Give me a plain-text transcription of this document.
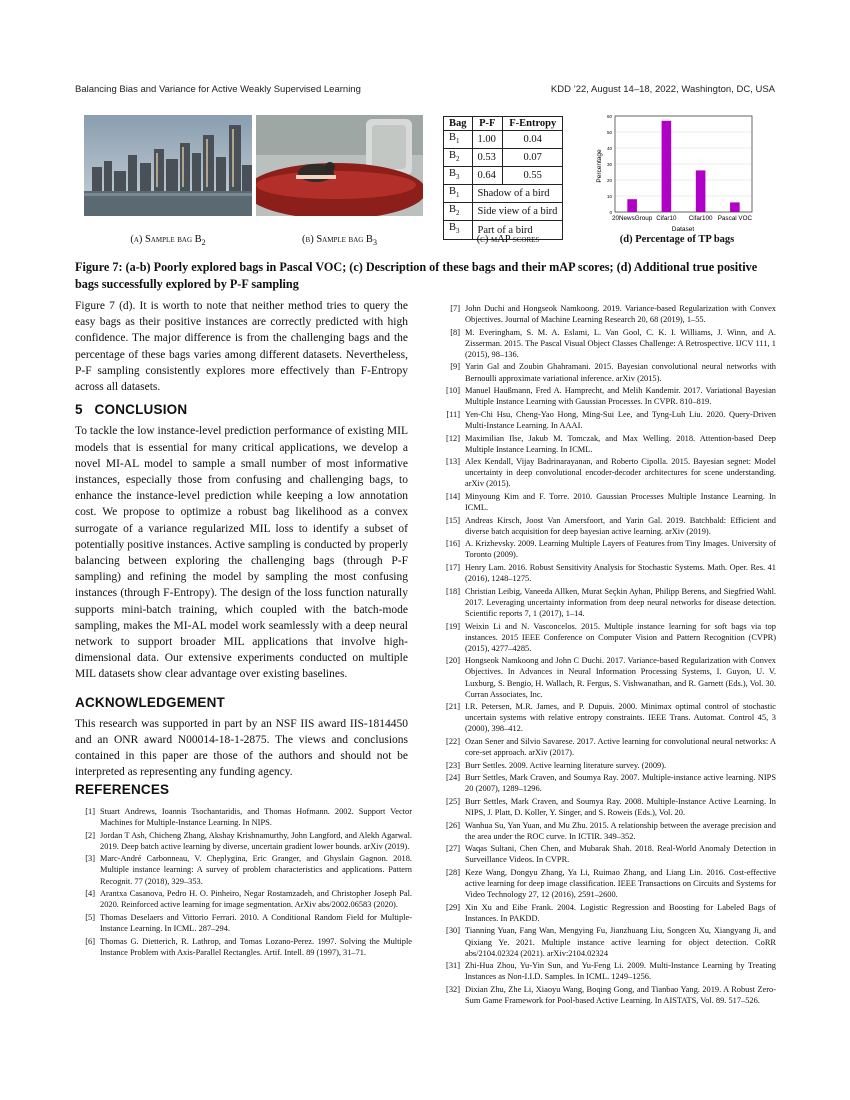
Balancing Bias and Variance for Active Weakly Supervised Learning	KDD ’22, August 14–18, 2022, Washington, DC, USA
(a) Sample bag $B_2$	(b) Sample bag $B_3$
Bag	P-F	F-Entropy
$B_1$	1.00	0.04
$B_2$	0.53	0.07
$B_3$	0.64	0.55
$B_1$	Shadow of a bird	
$B_2$	Side view of a bird	
$B_3$	Part of a bird	
(c) mAP scores
0
10
20
30
40
50
60
20NewsGroup Cifar10 Cifar100 Pascal VOC
Percentage
Dataset
(d) Percentage of TP bags
Figure 7: (a-b) Poorly explored bags in Pascal VOC; (c) Description of these bags and their mAP scores; (d) Additional true positive bags successfully explored by P-F sampling

Figure 7 (d). It is worth to note that neither method tries to query the easy bags as their positive instances are correctly predicted with high confidence. The major difference is from the challenging bags and the percentage of these bags varies among different datasets. Nevertheless, P-F sampling consistently explores more effectively than F-Entropy across all datasets.

5   CONCLUSION

To tackle the low instance-level prediction performance of existing MIL models that is essential for many critical applications, we develop a novel MI-AL model to sample a small number of most informative instances, especially those from confusing and challenging bags, to enhance the instance-level prediction while keeping a low annotation cost. We propose to optimize a robust bag likelihood as a convex surrogate of a variance regularized MIL loss to identify a subset of potentially positive instances. Active sampling is conducted by properly balancing between exploring the challenging bags (through P-F sampling) and refining the model by sampling the most confusing instances (through F-Entropy). The design of the loss function naturally supports mini-batch training, which coupled with the batch-mode sampling, makes the MI-AL model work seamlessly with a deep neural network to support broader MIL applications that involve high-dimensional data. Our extensive experiments conducted on multiple MIL datasets show clear advantage over existing baselines.

ACKNOWLEDGEMENT

This research was supported in part by an NSF IIS award IIS-1814450 and an ONR award N00014-18-1-2875. The views and conclusions contained in this paper are those of the authors and should not be interpreted as representing any funding agency.

REFERENCES
[1] Stuart Andrews, Ioannis Tsochantaridis, and Thomas Hofmann. 2002. Support Vector Machines for Multiple-Instance Learning. In NIPS.
[2] Jordan T Ash, Chicheng Zhang, Akshay Krishnamurthy, John Langford, and Alekh Agarwal. 2019. Deep batch active learning by diverse, uncertain gradient lower bounds. arXiv (2019).
[3] Marc-André Carbonneau, V. Cheplygina, Eric Granger, and Ghyslain Gagnon. 2018. Multiple instance learning: A survey of problem characteristics and applications. Pattern Recognit. 77 (2018), 329–353.
[4] Arantxa Casanova, Pedro H. O. Pinheiro, Negar Rostamzadeh, and Christopher Joseph Pal. 2020. Reinforced active learning for image segmentation. ArXiv abs/2002.06583 (2020).
[5] Thomas Deselaers and Vittorio Ferrari. 2010. A Conditional Random Field for Multiple-Instance Learning. In ICML. 287–294.
[6] Thomas G. Dietterich, R. Lathrop, and Tomas Lozano-Perez. 1997. Solving the Multiple Instance Problem with Axis-Parallel Rectangles. Artif. Intell. 89 (1997), 31–71.
[7] John Duchi and Hongseok Namkoong. 2019. Variance-based Regularization with Convex Objectives. Journal of Machine Learning Research 20, 68 (2019), 1–55.
[8] M. Everingham, S. M. A. Eslami, L. Van Gool, C. K. I. Williams, J. Winn, and A. Zisserman. 2015. The Pascal Visual Object Classes Challenge: A Retrospective. IJCV 111, 1 (2015), 98–136.
[9] Yarin Gal and Zoubin Ghahramani. 2015. Bayesian convolutional neural networks with Bernoulli approximate variational inference. arXiv (2015).
[10] Manuel Haußmann, Fred A. Hamprecht, and Melih Kandemir. 2017. Variational Bayesian Multiple Instance Learning with Gaussian Processes. In CVPR. 810–819.
[11] Yen-Chi Hsu, Cheng-Yao Hong, Ming-Sui Lee, and Tyng-Luh Liu. 2020. Query-Driven Multi-Instance Learning. In AAAI.
[12] Maximilian Ilse, Jakub M. Tomczak, and Max Welling. 2018. Attention-based Deep Multiple Instance Learning. In ICML.
[13] Alex Kendall, Vijay Badrinarayanan, and Roberto Cipolla. 2015. Bayesian segnet: Model uncertainty in deep convolutional encoder-decoder architectures for scene understanding. arXiv (2015).
[14] Minyoung Kim and F. Torre. 2010. Gaussian Processes Multiple Instance Learning. In ICML.
[15] Andreas Kirsch, Joost Van Amersfoort, and Yarin Gal. 2019. Batchbald: Efficient and diverse batch acquisition for deep bayesian active learning. arXiv (2019).
[16] A. Krizhevsky. 2009. Learning Multiple Layers of Features from Tiny Images. University of Toronto (2009).
[17] Henry Lam. 2016. Robust Sensitivity Analysis for Stochastic Systems. Math. Oper. Res. 41 (2016), 1248–1275.
[18] Christian Leibig, Vaneeda Allken, Murat Seçkin Ayhan, Philipp Berens, and Siegfried Wahl. 2017. Leveraging uncertainty information from deep neural networks for disease detection. Scientific reports 7, 1 (2017), 1–14.
[19] Weixin Li and N. Vasconcelos. 2015. Multiple instance learning for soft bags via top instances. 2015 IEEE Conference on Computer Vision and Pattern Recognition (CVPR) (2015), 4277–4285.
[20] Hongseok Namkoong and John C Duchi. 2017. Variance-based Regularization with Convex Objectives. In Advances in Neural Information Processing Systems, I. Guyon, U. V. Luxburg, S. Bengio, H. Wallach, R. Fergus, S. Vishwanathan, and R. Garnett (Eds.), Vol. 30. Curran Associates, Inc.
[21] I.R. Petersen, M.R. James, and P. Dupuis. 2000. Minimax optimal control of stochastic uncertain systems with relative entropy constraints. IEEE Trans. Automat. Control 45, 3 (2000), 398–412.
[22] Ozan Sener and Silvio Savarese. 2017. Active learning for convolutional neural networks: A core-set approach. arXiv (2017).
[23] Burr Settles. 2009. Active learning literature survey. (2009).
[24] Burr Settles, Mark Craven, and Soumya Ray. 2007. Multiple-instance active learning. NIPS 20 (2007), 1289–1296.
[25] Burr Settles, Mark Craven, and Soumya Ray. 2008. Multiple-Instance Active Learning. In NIPS, J. Platt, D. Koller, Y. Singer, and S. Roweis (Eds.), Vol. 20.
[26] Wanhua Su, Yan Yuan, and Mu Zhu. 2015. A relationship between the average precision and the area under the ROC curve. In ICTIR. 349–352.
[27] Waqas Sultani, Chen Chen, and Mubarak Shah. 2018. Real-World Anomaly Detection in Surveillance Videos. In CVPR.
[28] Keze Wang, Dongyu Zhang, Ya Li, Ruimao Zhang, and Liang Lin. 2016. Cost-effective active learning for deep image classification. IEEE Transactions on Circuits and Systems for Video Technology 27, 12 (2016), 2591–2600.
[29] Xin Xu and Eibe Frank. 2004. Logistic Regression and Boosting for Labeled Bags of Instances. In PAKDD.
[30] Tianning Yuan, Fang Wan, Mengying Fu, Jianzhuang Liu, Songcen Xu, Xiangyang Ji, and Qixiang Ye. 2021. Multiple instance active learning for object detection. CoRR abs/2104.02324 (2021). arXiv:2104.02324
[31] Zhi-Hua Zhou, Yu-Yin Sun, and Yu-Feng Li. 2009. Multi-Instance Learning by Treating Instances as Non-I.I.D. Samples. In ICML. 1249–1256.
[32] Dixian Zhu, Zhe Li, Xiaoyu Wang, Boqing Gong, and Tianbao Yang. 2019. A Robust Zero-Sum Game Framework for Pool-based Active Learning. In AISTATS, Vol. 89. 517–526.
